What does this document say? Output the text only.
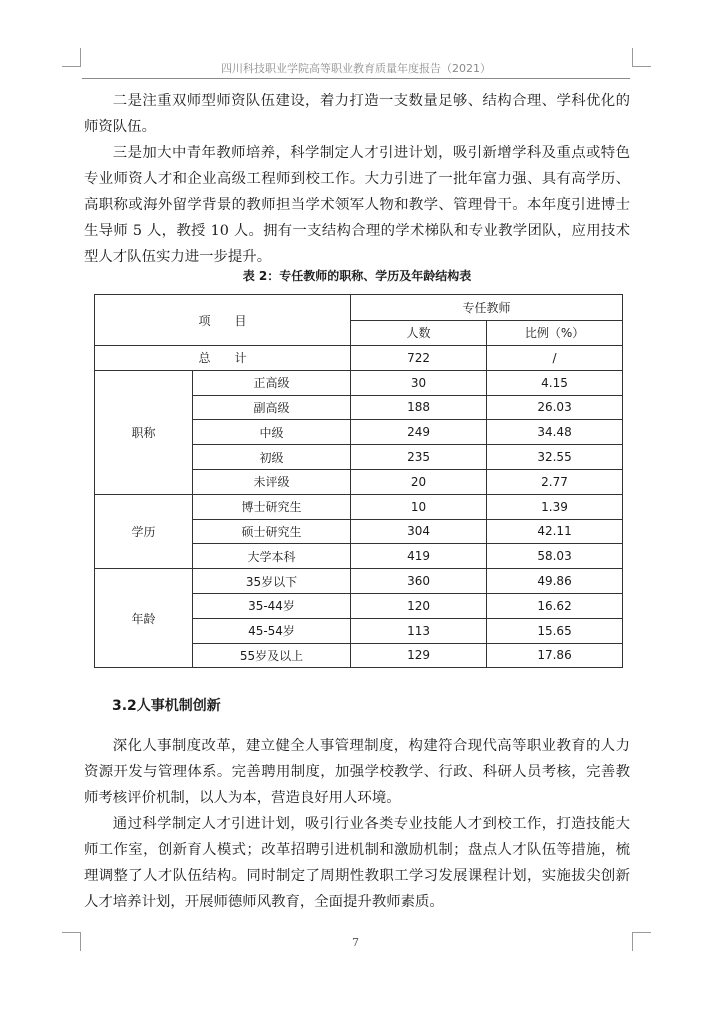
四川科技职业学院高等职业教育质量年度报告（2021）

二是注重双师型师资队伍建设，着力打造一支数量足够、结构合理、学科优化的师资队伍。

三是加大中青年教师培养，科学制定人才引进计划，吸引新增学科及重点或特色专业师资人才和企业高级工程师到校工作。大力引进了一批年富力强、具有高学历、高职称或海外留学背景的教师担当学术领军人物和教学、管理骨干。本年度引进博士生导师 5 人，教授 10 人。拥有一支结构合理的学术梯队和专业教学团队，应用技术型人才队伍实力进一步提升。

表 2：专任教师的职称、学历及年龄结构表
项　　目		专任教师	
		人数	比例（%）
总　　计		722	/
职称	正高级	30	4.15
	副高级	188	26.03
	中级	249	34.48
	初级	235	32.55
	未评级	20	2.77
学历	博士研究生	10	1.39
	硕士研究生	304	42.11
	大学本科	419	58.03
年龄	35岁以下	360	49.86
	35-44岁	120	16.62
	45-54岁	113	15.65
	55岁及以上	129	17.86
3.2人事机制创新

深化人事制度改革，建立健全人事管理制度，构建符合现代高等职业教育的人力资源开发与管理体系。完善聘用制度，加强学校教学、行政、科研人员考核，完善教师考核评价机制，以人为本，营造良好用人环境。

通过科学制定人才引进计划，吸引行业各类专业技能人才到校工作，打造技能大师工作室，创新育人模式；改革招聘引进机制和激励机制；盘点人才队伍等措施，梳理调整了人才队伍结构。同时制定了周期性教职工学习发展课程计划，实施拔尖创新人才培养计划，开展师德师风教育，全面提升教师素质。

7
